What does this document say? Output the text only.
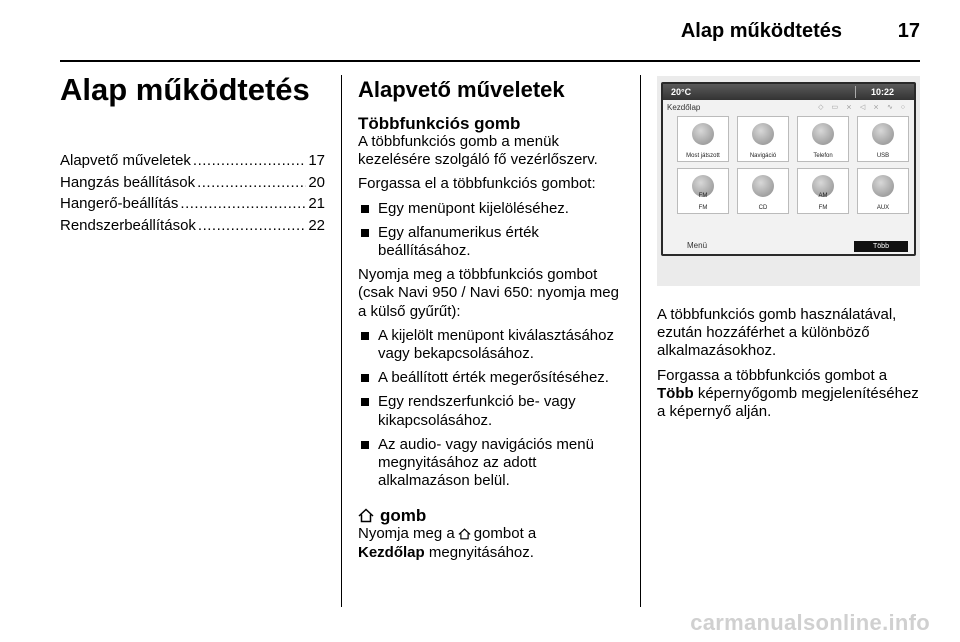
Alap működtetés	17
Alap működtetés
Alapvető műveletek .....	17
Hangzás beállítások .....	20
Hangerő-beállítás .....	21
Rendszerbeállítások .....	22
Alapvető műveletek
Többfunkciós gomb
A többfunkciós gomb a menük kezelésére szolgáló fő vezérlőszerv.
Forgassa el a többfunkciós gombot:
Egy menüpont kijelöléséhez.
Egy alfanumerikus érték beállításához.
Nyomja meg a többfunkciós gombot (csak Navi 950 / Navi 650: nyomja meg a külső gyűrűt):
A kijelölt menüpont kiválasztásához vagy bekapcsolásához.
A beállított érték megerősítéséhez.
Egy rendszerfunkció be- vagy kikapcsolásához.
Az audio- vagy navigációs menü megnyitásához az adott alkalmazáson belül.
gomb
Nyomja meg a gombot a
Kezdőlap megnyitásához.
20°C	10:22
Kezdőlap	◇ ▭ ⨯ ◁ ⨯ ∿ ○
Most játszott	Navigáció	Telefon	USB
FM
FM	CD
AM
FM	AUX
Menü	Több
A többfunkciós gomb használatával, ezután hozzáférhet a különböző alkalmazásokhoz.
Forgassa a többfunkciós gombot a
Több képernyőgomb megjelenítéséhez a képernyő alján.
carmanualsonline.info
